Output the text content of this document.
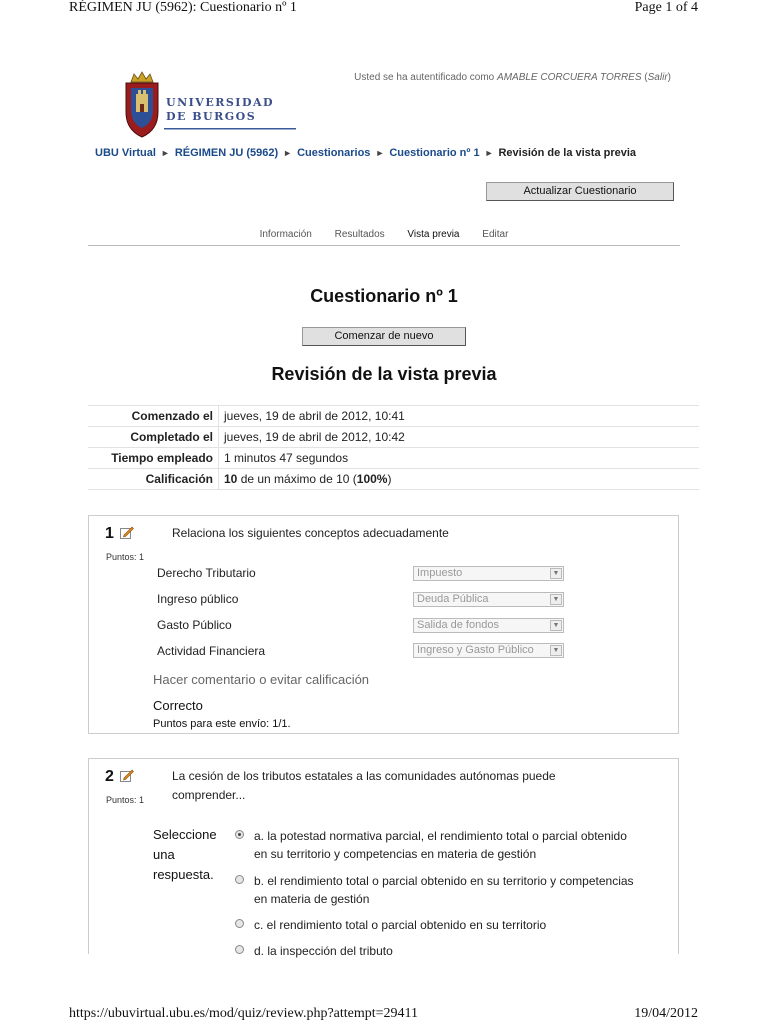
RÉGIMEN JU (5962): Cuestionario nº 1	Page 1 of 4
UNIVERSIDAD
DE BURGOS
Usted se ha autentificado como AMABLE CORCUERA TORRES (Salir)
UBU Virtual ► RÉGIMEN JU (5962) ► Cuestionarios ► Cuestionario nº 1 ► Revisión de la vista previa
Actualizar Cuestionario
Información Resultados Vista previa Editar
Cuestionario nº 1
Comenzar de nuevo
Revisión de la vista previa
Comenzado el	jueves, 19 de abril de 2012, 10:41
Completado el	jueves, 19 de abril de 2012, 10:42
Tiempo empleado	1 minutos 47 segundos
Calificación	10 de un máximo de 10 (100%)
1
Puntos: 1
Relaciona los siguientes conceptos adecuadamente
Derecho Tributario	Impuesto	▼
Ingreso público	Deuda Pública	▼
Gasto Público	Salida de fondos	▼
Actividad Financiera	Ingreso y Gasto Público	▼
Hacer comentario o evitar calificación
Correcto
Puntos para este envío: 1/1.
2
Puntos: 1
La cesión de los tributos estatales a las comunidades autónomas puede comprender...
Seleccione una respuesta.
a. la potestad normativa parcial, el rendimiento total o parcial obtenido en su territorio y competencias en materia de gestión
b. el rendimiento total o parcial obtenido en su territorio y competencias en materia de gestión
c. el rendimiento total o parcial obtenido en su territorio
d. la inspección del tributo
https://ubuvirtual.ubu.es/mod/quiz/review.php?attempt=29411	19/04/2012
